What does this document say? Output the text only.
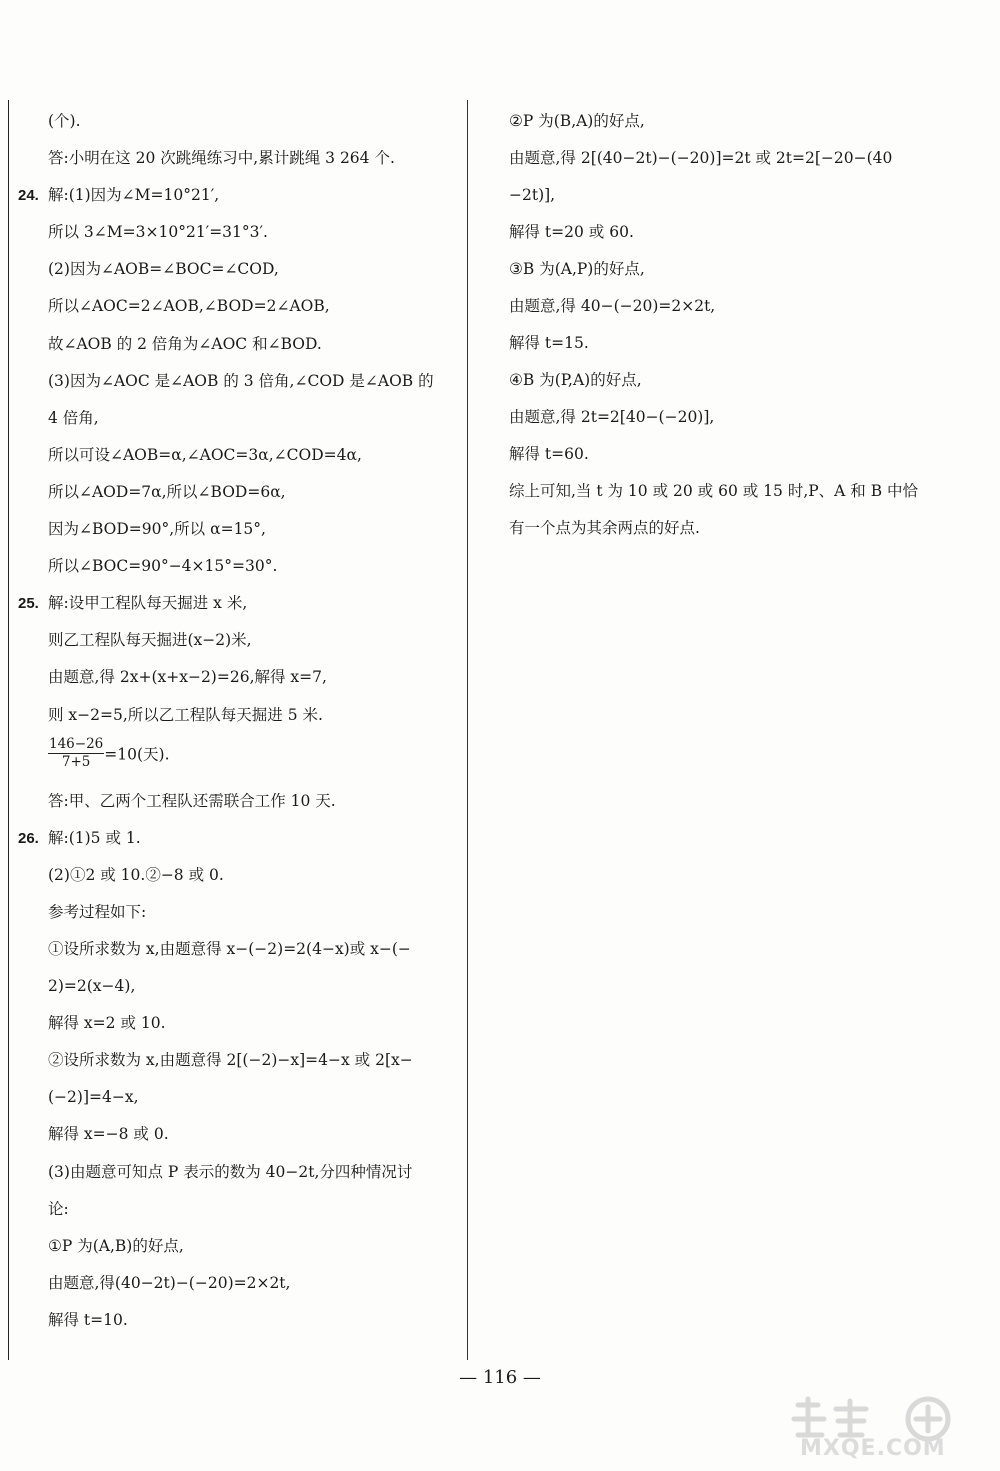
(个).
答:小明在这 20 次跳绳练习中,累计跳绳 3 264 个.
24. 解:(1)因为∠M=10°21′,
所以 3∠M=3×10°21′=31°3′.
(2)因为∠AOB=∠BOC=∠COD,
所以∠AOC=2∠AOB,∠BOD=2∠AOB,
故∠AOB 的 2 倍角为∠AOC 和∠BOD.
(3)因为∠AOC 是∠AOB 的 3 倍角,∠COD 是∠AOB 的
4 倍角,
所以可设∠AOB=α,∠AOC=3α,∠COD=4α,
所以∠AOD=7α,所以∠BOD=6α,
因为∠BOD=90°,所以 α=15°,
所以∠BOC=90°−4×15°=30°.
25. 解:设甲工程队每天掘进 x 米,
则乙工程队每天掘进(x−2)米,
由题意,得 2x+(x+x−2)=26,解得 x=7,
则 x−2=5,所以乙工程队每天掘进 5 米.
$\frac{146-26}{7+5} =10$(天).
答:甲、乙两个工程队还需联合工作 10 天.
26. 解:(1)5 或 1.
(2)①2 或 10.②−8 或 0.
参考过程如下:
①设所求数为 x,由题意得 x−(−2)=2(4−x)或 x−(−
2)=2(x−4),
解得 x=2 或 10.
②设所求数为 x,由题意得 2[(−2)−x]=4−x 或 2[x−
(−2)]=4−x,
解得 x=−8 或 0.
(3)由题意可知点 P 表示的数为 40−2t,分四种情况讨
论:
①P 为(A,B)的好点,
由题意,得(40−2t)−(−20)=2×2t,
解得 t=10.
②P 为(B,A)的好点,
由题意,得 2[(40−2t)−(−20)]=2t 或 2t=2[−20−(40
−2t)],
解得 t=20 或 60.
③B 为(A,P)的好点,
由题意,得 40−(−20)=2×2t,
解得 t=15.
④B 为(P,A)的好点,
由题意,得 2t=2[40−(−20)],
解得 t=60.
综上可知,当 t 为 10 或 20 或 60 或 15 时,P、A 和 B 中恰
有一个点为其余两点的好点.
— 116 —
MXQE.COM
